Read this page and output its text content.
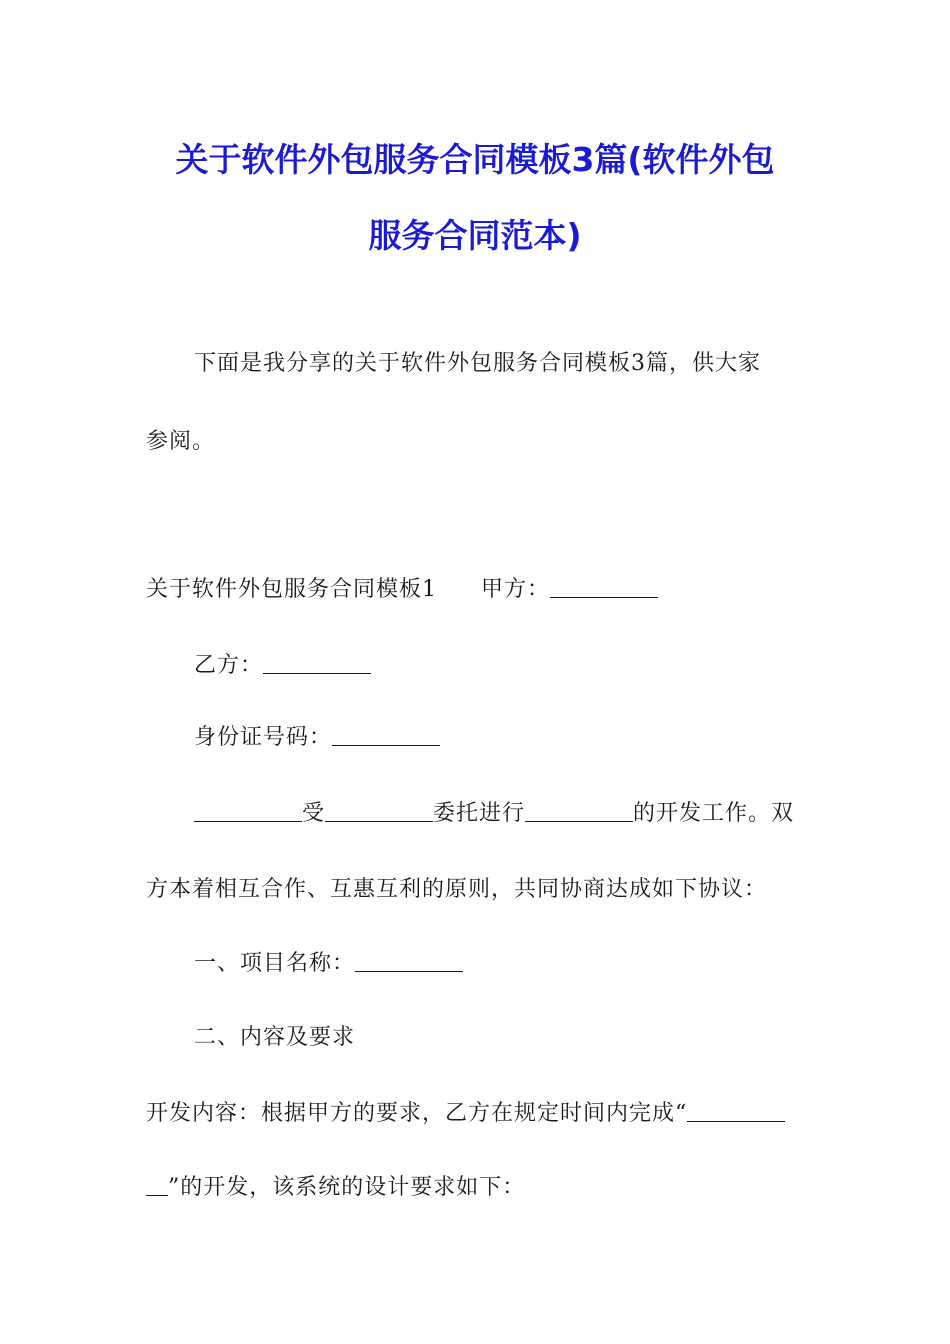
关于软件外包服务合同模板3篇(软件外包
服务合同范本)
下面是我分享的关于软件外包服务合同模板3篇，供大家
参阅。
关于软件外包服务合同模板1 甲方：
乙方：
身份证号码：
受	委托进行	的开发工作。双
方本着相互合作、互惠互利的原则，共同协商达成如下协议：
一、项目名称：
二、内容及要求
开发内容：根据甲方的要求，乙方在规定时间内完成“
”的开发，该系统的设计要求如下：
